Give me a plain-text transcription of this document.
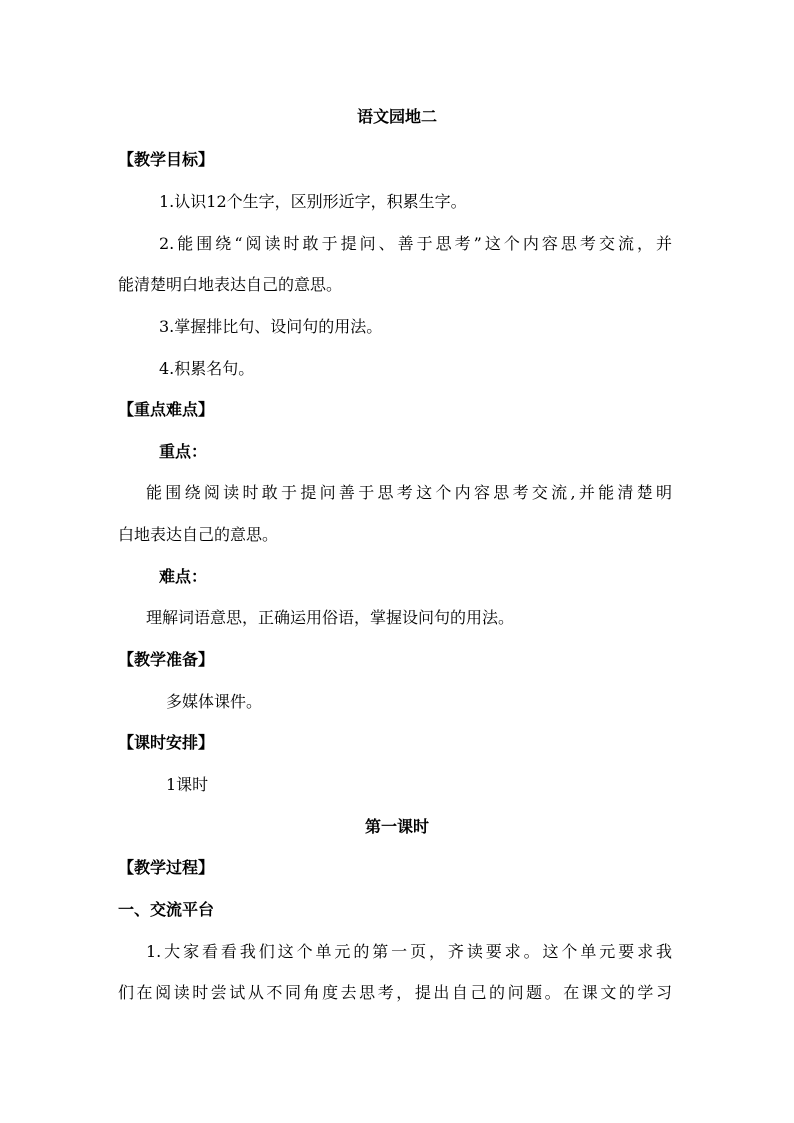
语文园地二
【教学目标】
1.认识12个生字，区别形近字，积累生字。
2.能围绕“阅读时敢于提问、善于思考”这个内容思考交流，并
能清楚明白地表达自己的意思。
3.掌握排比句、设问句的用法。
4.积累名句。
【重点难点】
重点：
能围绕阅读时敢于提问善于思考这个内容思考交流,并能清楚明
白地表达自己的意思。
难点：
理解词语意思，正确运用俗语，掌握设问句的用法。
【教学准备】
多媒体课件。
【课时安排】
1课时
第一课时
【教学过程】
一、交流平台
1.大家看看我们这个单元的第一页，齐读要求。这个单元要求我
们在阅读时尝试从不同角度去思考，提出自己的问题。在课文的学习
